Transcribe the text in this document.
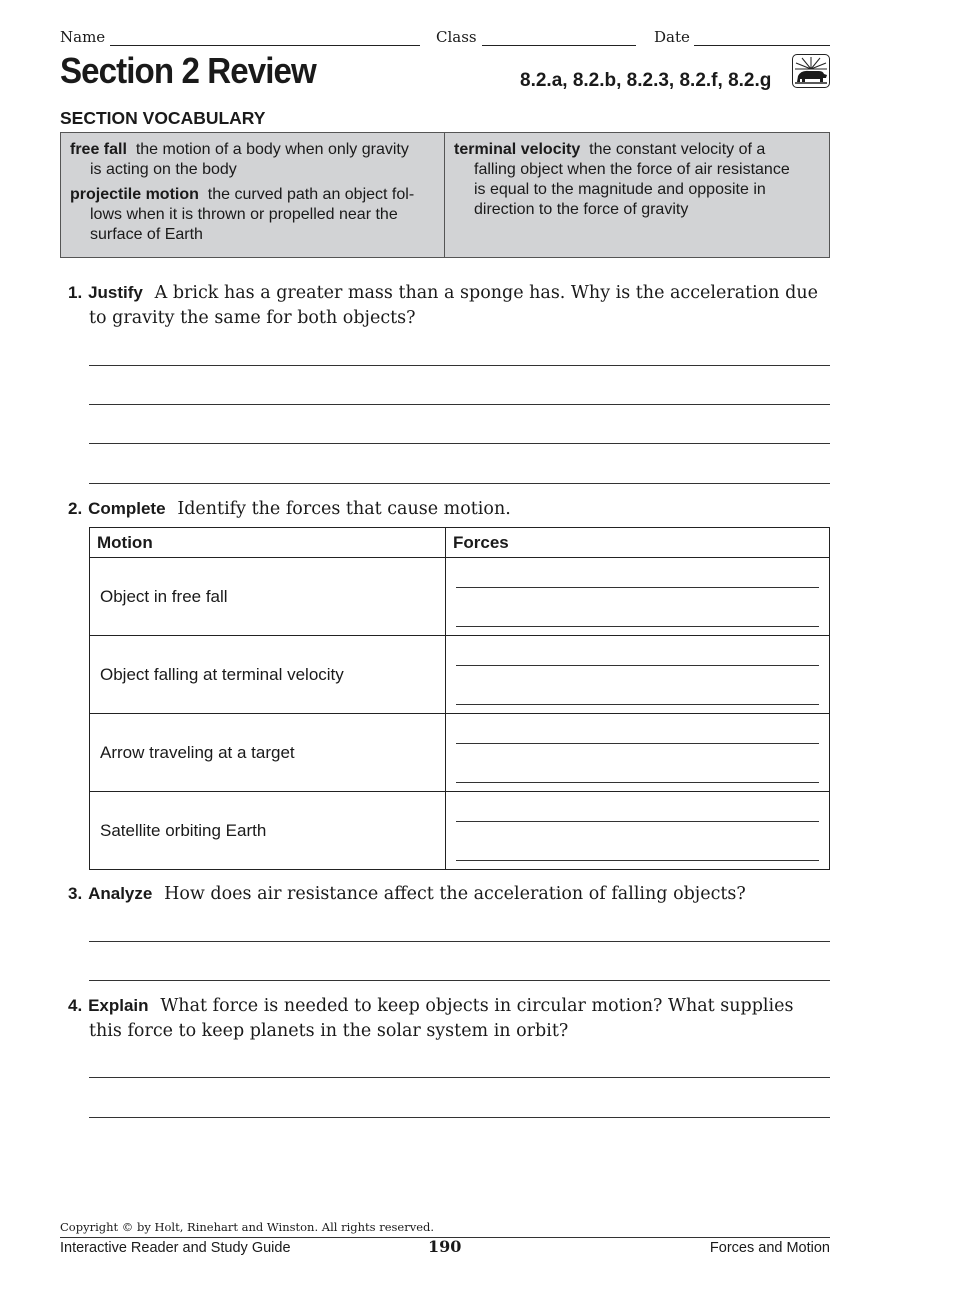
Name	Class	Date
Section 2 Review	8.2.a, 8.2.b, 8.2.3, 8.2.f, 8.2.g
SECTION VOCABULARY
free fall the motion of a body when only gravity
is acting on the body
projectile motion the curved path an object fol-
lows when it is thrown or propelled near the
surface of Earth
terminal velocity the constant velocity of a
falling object when the force of air resistance
is equal to the magnitude and opposite in
direction to the force of gravity
1. Justify A brick has a greater mass than a sponge has. Why is the acceleration due
to gravity the same for both objects?
2. Complete Identify the forces that cause motion.
Motion	Forces
Object in free fall	

Object falling at terminal velocity	

Arrow traveling at a target	

Satellite orbiting Earth	
3. Analyze How does air resistance affect the acceleration of falling objects?
4. Explain What force is needed to keep objects in circular motion? What supplies
this force to keep planets in the solar system in orbit?
Copyright © by Holt, Rinehart and Winston. All rights reserved.
Interactive Reader and Study Guide	190	Forces and Motion
